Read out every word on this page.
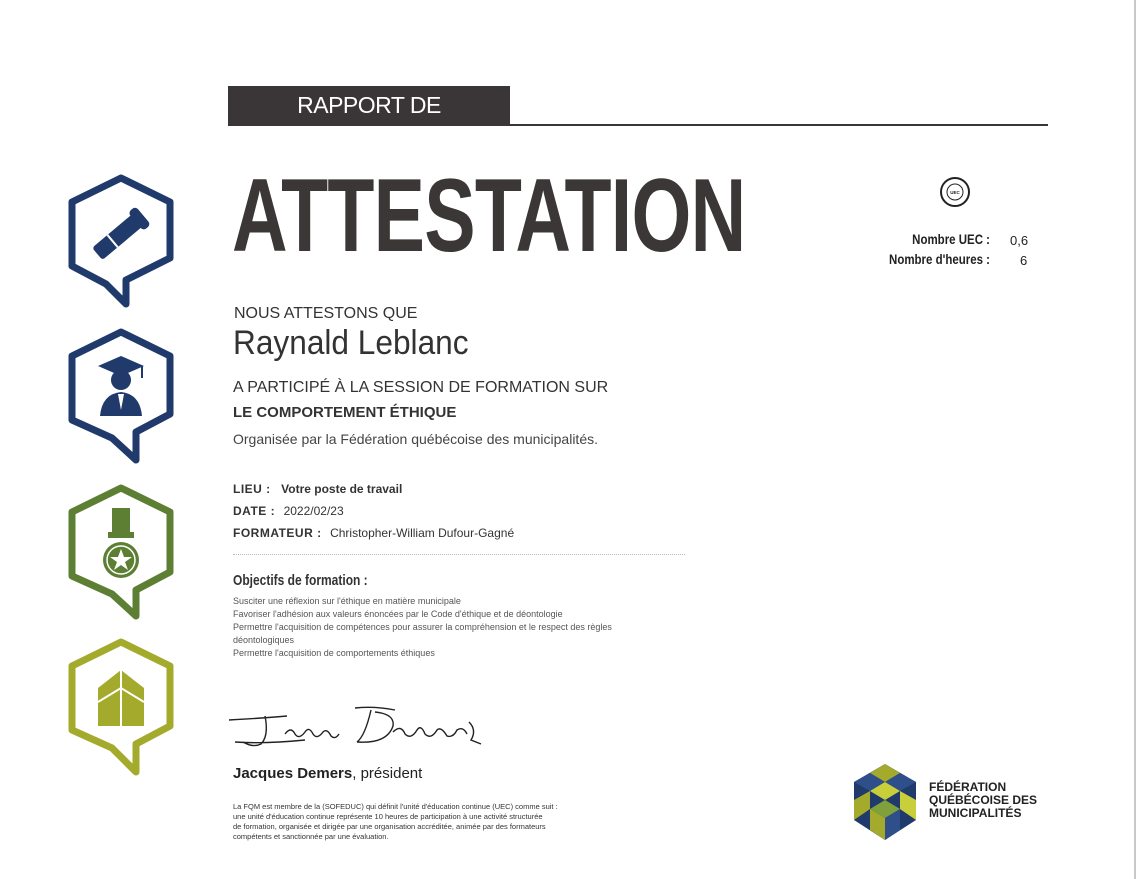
RAPPORT DE PARTICIPATION
ATTESTATION	UEC
Nombre UEC : 0,6
Nombre d'heures : 6
NOUS ATTESTONS QUE
Raynald Leblanc
A PARTICIPÉ À LA SESSION DE FORMATION SUR
LE COMPORTEMENT ÉTHIQUE
Organisée par la Fédération québécoise des municipalités.
LIEU : Votre poste de travail
DATE : 2022/02/23
FORMATEUR : Christopher-William Dufour-Gagné
Objectifs de formation :
Susciter une réflexion sur l'éthique en matière municipale
Favoriser l'adhésion aux valeurs énoncées par le Code d'éthique et de déontologie
Permettre l'acquisition de compétences pour assurer la compréhension et le respect des règles
déontologiques
Permettre l'acquisition de comportements éthiques
Jacques Demers, président
La FQM est membre de la (SOFEDUC) qui définit l'unité d'éducation continue (UEC) comme suit :
une unité d'éducation continue représente 10 heures de participation à une activité structurée
de formation, organisée et dirigée par une organisation accréditée, animée par des formateurs
compétents et sanctionnée par une évaluation.
FÉDÉRATION
QUÉBÉCOISE DES
MUNICIPALITÉS
